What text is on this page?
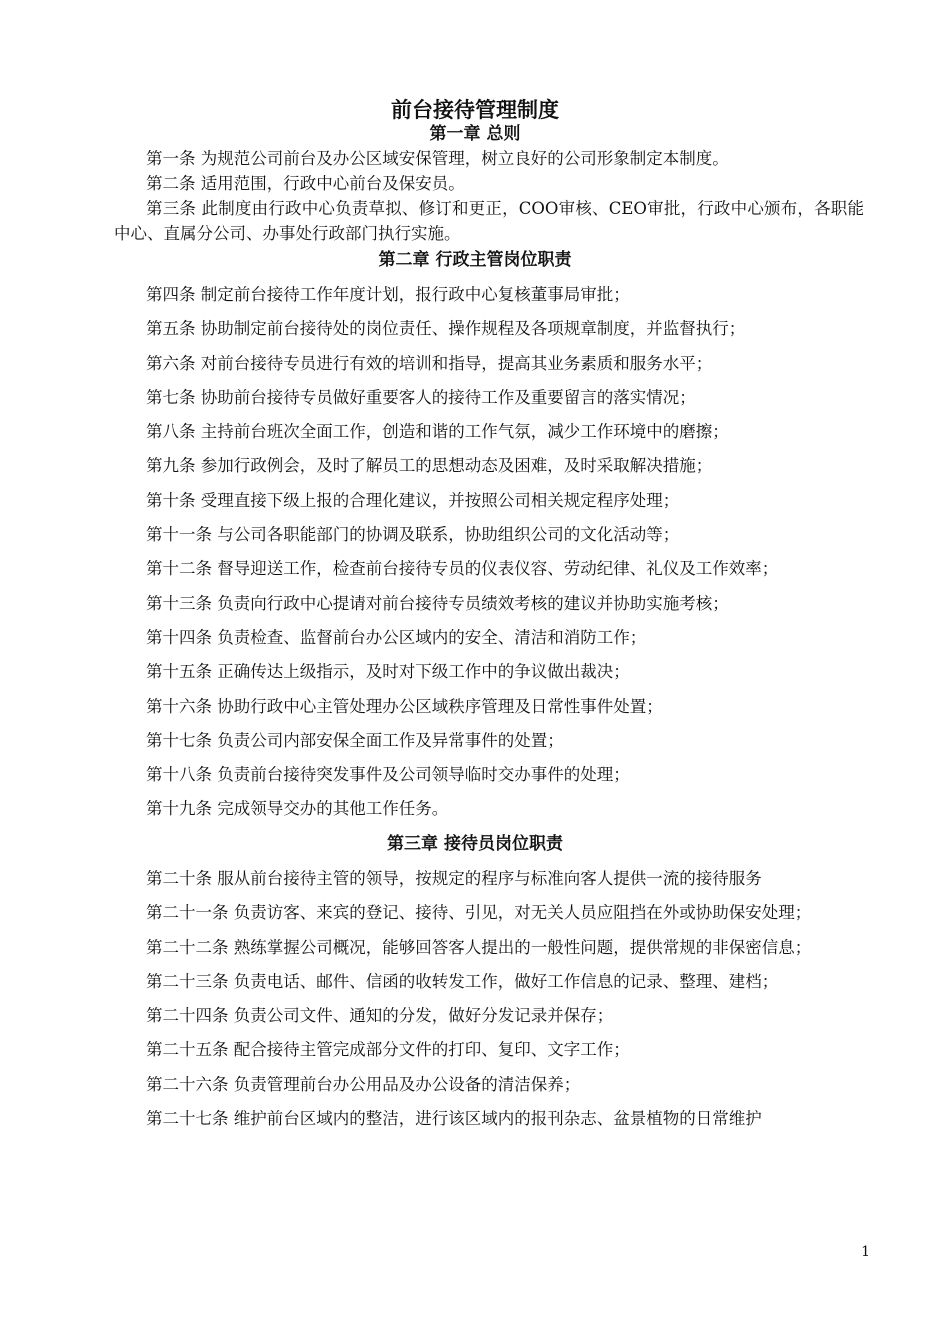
前台接待管理制度
第一章 总则

第一条 为规范公司前台及办公区域安保管理，树立良好的公司形象制定本制度。

第二条 适用范围，行政中心前台及保安员。

第三条 此制度由行政中心负责草拟、修订和更正，COO审核、CEO审批，行政中心颁布，各职能中心、直属分公司、办事处行政部门执行实施。

第二章 行政主管岗位职责

第四条 制定前台接待工作年度计划，报行政中心复核董事局审批；

第五条 协助制定前台接待处的岗位责任、操作规程及各项规章制度，并监督执行；

第六条 对前台接待专员进行有效的培训和指导，提高其业务素质和服务水平；

第七条 协助前台接待专员做好重要客人的接待工作及重要留言的落实情况；

第八条 主持前台班次全面工作，创造和谐的工作气氛，减少工作环境中的磨擦；

第九条 参加行政例会，及时了解员工的思想动态及困难，及时采取解决措施；

第十条 受理直接下级上报的合理化建议，并按照公司相关规定程序处理；

第十一条 与公司各职能部门的协调及联系，协助组织公司的文化活动等；

第十二条 督导迎送工作，检查前台接待专员的仪表仪容、劳动纪律、礼仪及工作效率；

第十三条 负责向行政中心提请对前台接待专员绩效考核的建议并协助实施考核；

第十四条 负责检查、监督前台办公区域内的安全、清洁和消防工作；

第十五条 正确传达上级指示，及时对下级工作中的争议做出裁决；

第十六条 协助行政中心主管处理办公区域秩序管理及日常性事件处置；

第十七条 负责公司内部安保全面工作及异常事件的处置；

第十八条 负责前台接待突发事件及公司领导临时交办事件的处理；

第十九条 完成领导交办的其他工作任务。

第三章 接待员岗位职责

第二十条 服从前台接待主管的领导，按规定的程序与标准向客人提供一流的接待服务

第二十一条 负责访客、来宾的登记、接待、引见，对无关人员应阻挡在外或协助保安处理；

第二十二条 熟练掌握公司概况，能够回答客人提出的一般性问题，提供常规的非保密信息；

第二十三条 负责电话、邮件、信函的收转发工作，做好工作信息的记录、整理、建档；

第二十四条 负责公司文件、通知的分发，做好分发记录并保存；

第二十五条 配合接待主管完成部分文件的打印、复印、文字工作；

第二十六条 负责管理前台办公用品及办公设备的清洁保养；

第二十七条 维护前台区域内的整洁，进行该区域内的报刊杂志、盆景植物的日常维护

1
